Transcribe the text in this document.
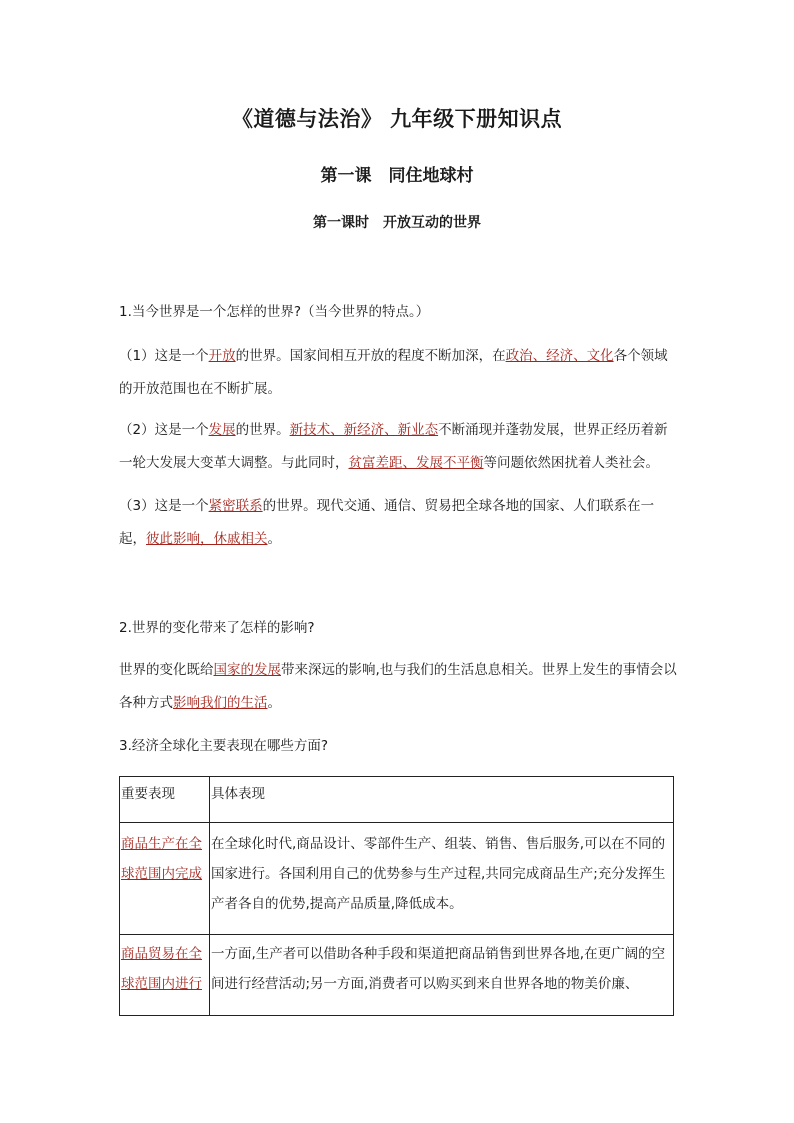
《道德与法治》 九年级下册知识点
第一课　同住地球村
第一课时　开放互动的世界

1.当今世界是一个怎样的世界?（当今世界的特点。）

（1）这是一个开放的世界。国家间相互开放的程度不断加深，在政治、经济、文化各个领域的开放范围也在不断扩展。

（2）这是一个发展的世界。新技术、新经济、新业态不断涌现并蓬勃发展，世界正经历着新一轮大发展大变革大调整。与此同时，贫富差距、发展不平衡等问题依然困扰着人类社会。

（3）这是一个紧密联系的世界。现代交通、通信、贸易把全球各地的国家、人们联系在一起，彼此影响，休戚相关。

2.世界的变化带来了怎样的影响?

世界的变化既给国家的发展带来深远的影响,也与我们的生活息息相关。世界上发生的事情会以各种方式影响我们的生活。

3.经济全球化主要表现在哪些方面?

重要表现	具体表现
商品生产在全球范围内完成	在全球化时代,商品设计、零部件生产、组装、销售、售后服务,可以在不同的国家进行。各国利用自己的优势参与生产过程,共同完成商品生产;充分发挥生产者各自的优势,提高产品质量,降低成本。
商品贸易在全球范围内进行	一方面,生产者可以借助各种手段和渠道把商品销售到世界各地,在更广阔的空间进行经营活动;另一方面,消费者可以购买到来自世界各地的物美价廉、
